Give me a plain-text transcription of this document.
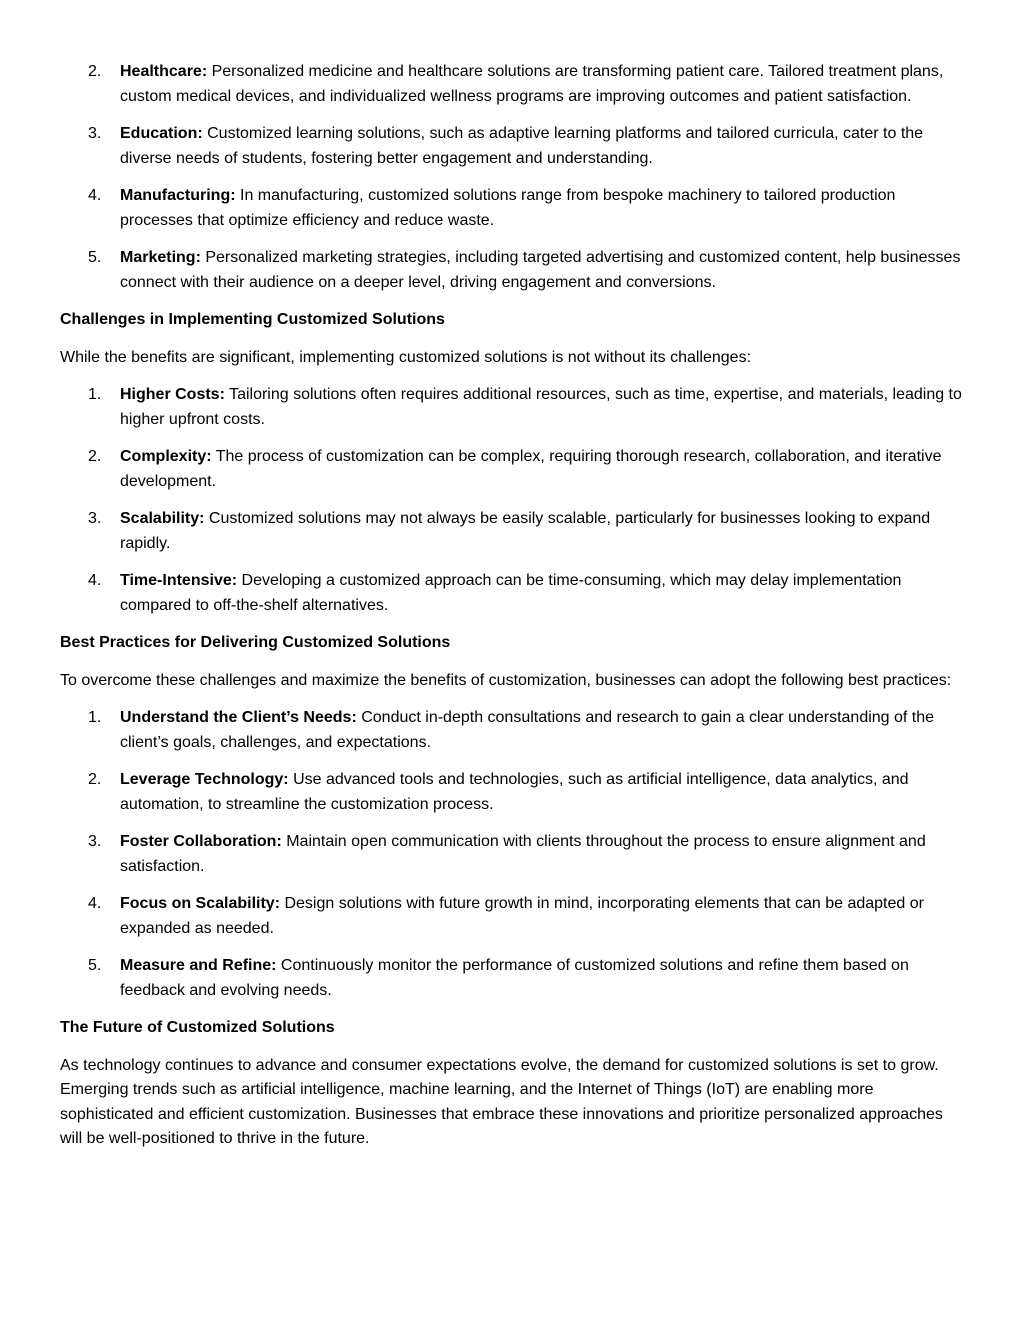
2.	Healthcare: Personalized medicine and healthcare solutions are transforming patient care. Tailored treatment plans, custom medical devices, and individualized wellness programs are improving outcomes and patient satisfaction.
3.	Education: Customized learning solutions, such as adaptive learning platforms and tailored curricula, cater to the diverse needs of students, fostering better engagement and understanding.
4.	Manufacturing: In manufacturing, customized solutions range from bespoke machinery to tailored production processes that optimize efficiency and reduce waste.
5.	Marketing: Personalized marketing strategies, including targeted advertising and customized content, help businesses connect with their audience on a deeper level, driving engagement and conversions.
Challenges in Implementing Customized Solutions

While the benefits are significant, implementing customized solutions is not without its challenges:

1.	Higher Costs: Tailoring solutions often requires additional resources, such as time, expertise, and materials, leading to higher upfront costs.
2.	Complexity: The process of customization can be complex, requiring thorough research, collaboration, and iterative development.
3.	Scalability: Customized solutions may not always be easily scalable, particularly for businesses looking to expand rapidly.
4.	Time-Intensive: Developing a customized approach can be time-consuming, which may delay implementation compared to off-the-shelf alternatives.
Best Practices for Delivering Customized Solutions

To overcome these challenges and maximize the benefits of customization, businesses can adopt the following best practices:

1.	Understand the Client’s Needs: Conduct in-depth consultations and research to gain a clear understanding of the client’s goals, challenges, and expectations.
2.	Leverage Technology: Use advanced tools and technologies, such as artificial intelligence, data analytics, and automation, to streamline the customization process.
3.	Foster Collaboration: Maintain open communication with clients throughout the process to ensure alignment and satisfaction.
4.	Focus on Scalability: Design solutions with future growth in mind, incorporating elements that can be adapted or expanded as needed.
5.	Measure and Refine: Continuously monitor the performance of customized solutions and refine them based on feedback and evolving needs.
The Future of Customized Solutions

As technology continues to advance and consumer expectations evolve, the demand for customized solutions is set to grow. Emerging trends such as artificial intelligence, machine learning, and the Internet of Things (IoT) are enabling more sophisticated and efficient customization. Businesses that embrace these innovations and prioritize personalized approaches will be well-positioned to thrive in the future.
